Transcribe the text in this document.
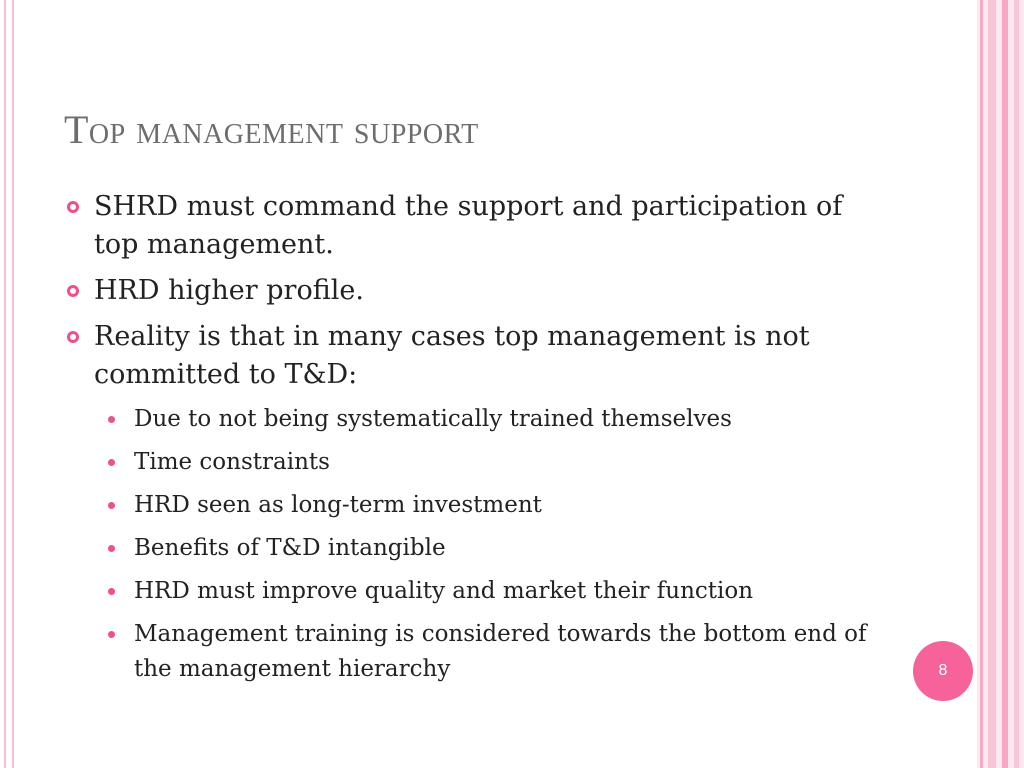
Top management support
SHRD must command the support and participation of top management.
HRD higher profile.
Reality is that in many cases top management is not committed to T&D:
Due to not being systematically trained themselves
Time constraints
HRD seen as long-term investment
Benefits of T&D intangible
HRD must improve quality and market their function
Management training is considered towards the bottom end of the management hierarchy	8
